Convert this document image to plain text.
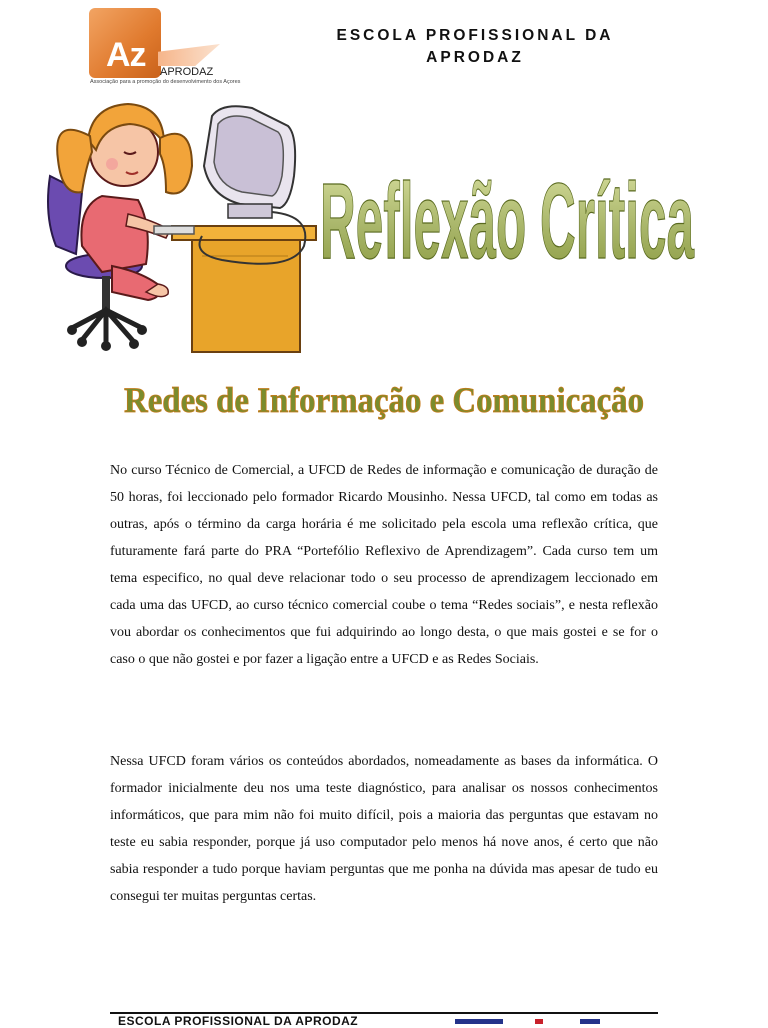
Az APRODAZ
Associação para a promoção do desenvolvimento dos Açores
ESCOLA PROFISSIONAL DA
APRODAZ
Reflexão Crítica
Redes de Informação e Comunicação

No curso Técnico de Comercial, a UFCD de Redes de informação e comunicação de duração de 50 horas, foi leccionado pelo formador Ricardo Mousinho. Nessa UFCD, tal como em todas as outras, após o término da carga horária é me solicitado pela escola uma reflexão crítica, que futuramente fará parte do PRA “Portefólio Reflexivo de Aprendizagem”. Cada curso tem um tema especifico, no qual deve relacionar todo o seu processo de aprendizagem leccionado em cada uma das UFCD, ao curso técnico comercial coube o tema “Redes sociais”, e nesta reflexão vou abordar os conhecimentos que fui adquirindo ao longo desta, o que mais gostei e se for o caso o que não gostei e por fazer a ligação entre a UFCD e as Redes Sociais.

Nessa UFCD foram vários os conteúdos abordados, nomeadamente as bases da informática. O formador inicialmente deu nos uma teste diagnóstico, para analisar os nossos conhecimentos informáticos, que para mim não foi muito difícil, pois a maioria das perguntas que estavam no teste eu sabia responder, porque já uso computador pelo menos há nove anos, é certo que não sabia responder a tudo porque haviam perguntas que me ponha na dúvida mas apesar de tudo eu consegui ter muitas perguntas certas.

ESCOLA PROFISSIONAL DA APRODAZ
